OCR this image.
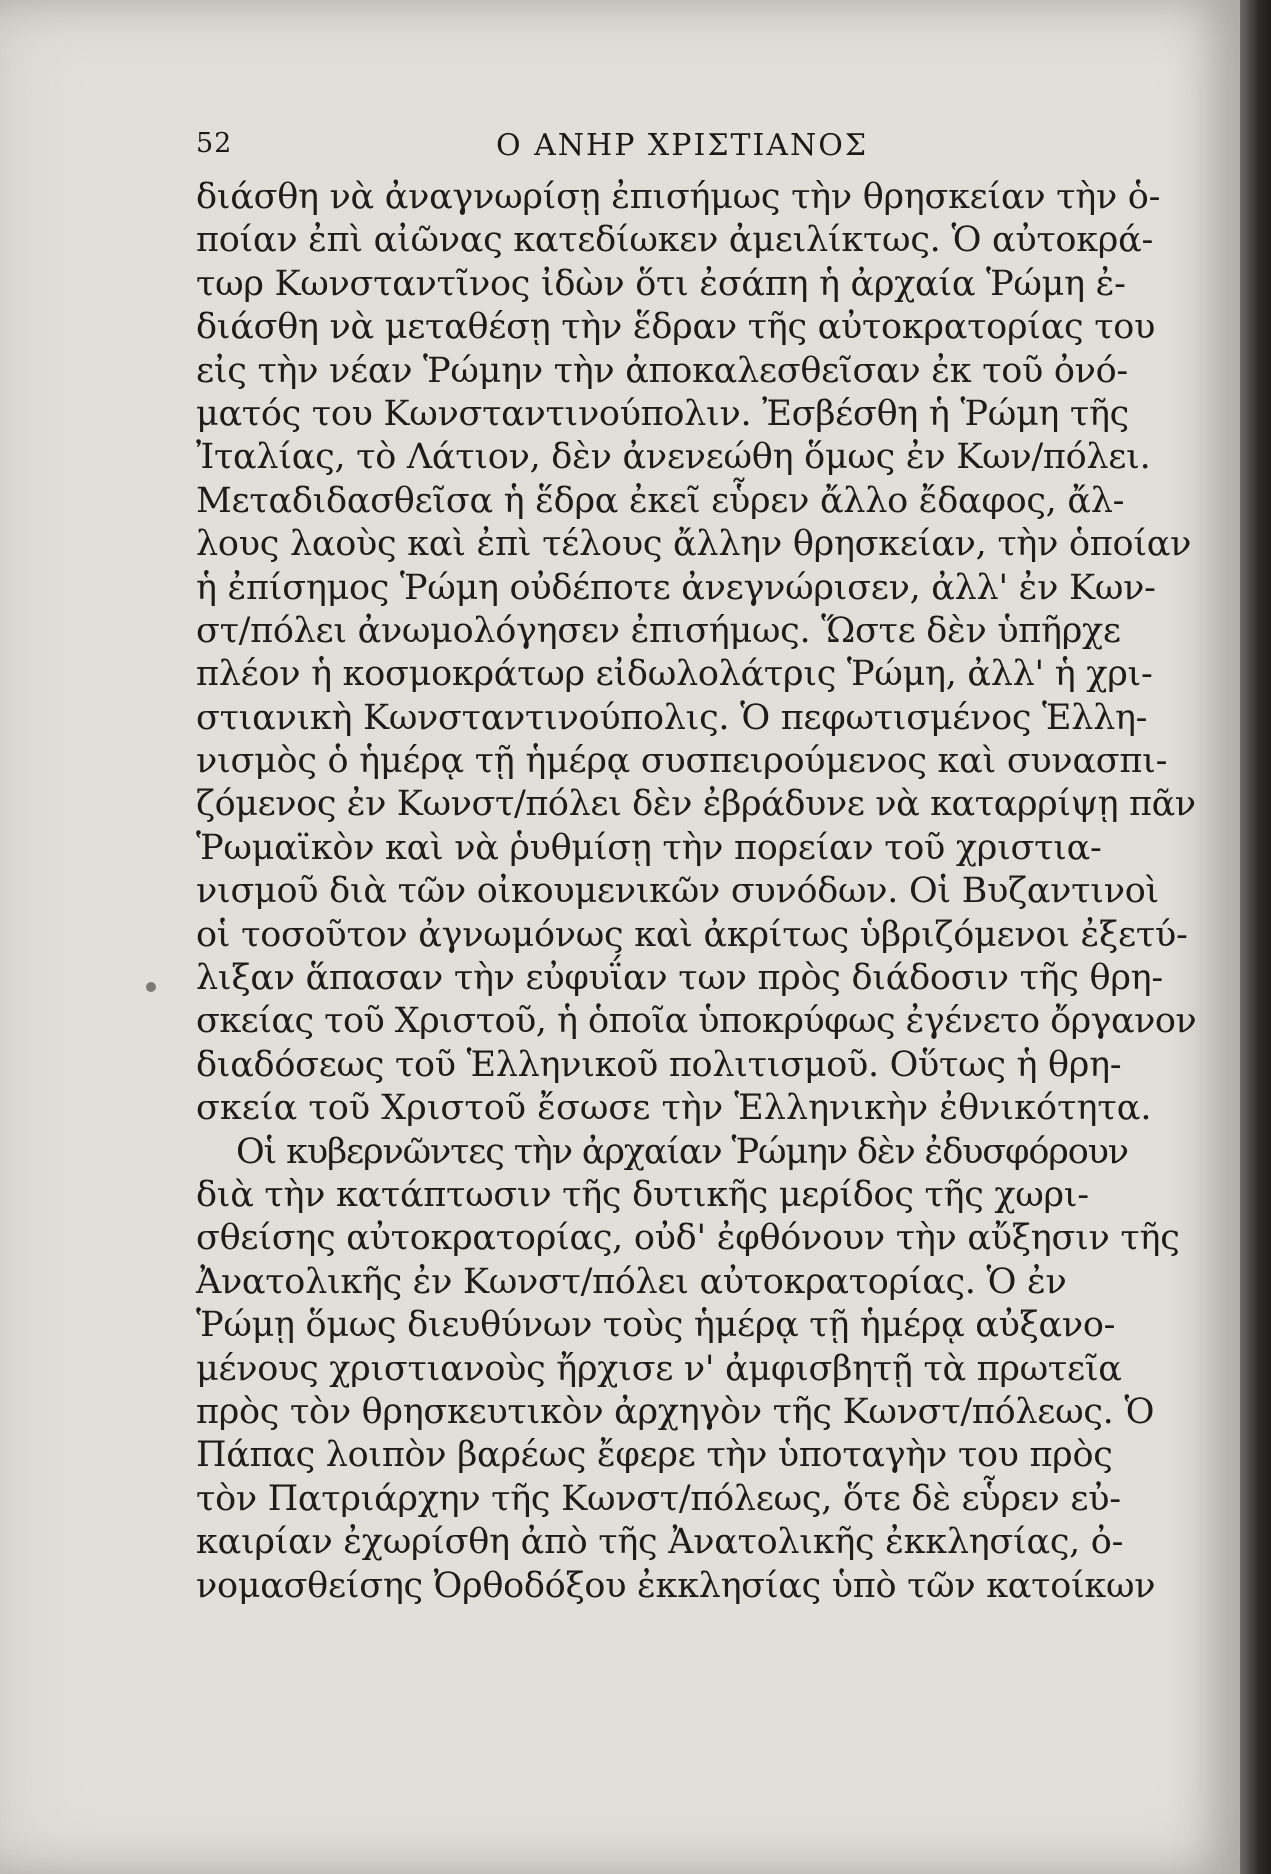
52	Ο ΑΝΗΡ ΧΡΙΣΤΙΑΝΟΣ
διάσθη νὰ ἀναγνωρίσῃ ἐπισήμως τὴν θρησκείαν τὴν ὁ-
ποίαν ἐπὶ αἰῶνας κατεδίωκεν ἀμειλίκτως. Ὁ αὐτοκρά-
τωρ Κωνσταντῖνος ἰδὼν ὅτι ἐσάπη ἡ ἀρχαία Ῥώμη ἐ-
διάσθη νὰ μεταθέσῃ τὴν ἕδραν τῆς αὐτοκρατορίας του
εἰς τὴν νέαν Ῥώμην τὴν ἀποκαλεσθεῖσαν ἐκ τοῦ ὀνό-
ματός του Κωνσταντινούπολιν. Ἐσβέσθη ἡ Ῥώμη τῆς
Ἰταλίας, τὸ Λάτιον, δὲν ἀνενεώθη ὅμως ἐν Κων/πόλει.
Μεταδιδασθεῖσα ἡ ἕδρα ἐκεῖ εὗρεν ἄλλο ἔδαφος, ἄλ-
λους λαοὺς καὶ ἐπὶ τέλους ἄλλην θρησκείαν, τὴν ὁποίαν
ἡ ἐπίσημος Ῥώμη οὐδέποτε ἀνεγνώρισεν, ἀλλ' ἐν Κων-
στ/πόλει ἀνωμολόγησεν ἐπισήμως. Ὥστε δὲν ὑπῆρχε
πλέον ἡ κοσμοκράτωρ εἰδωλολάτρις Ῥώμη, ἀλλ' ἡ χρι-
στιανικὴ Κωνσταντινούπολις. Ὁ πεφωτισμένος Ἑλλη-
νισμὸς ὁ ἡμέρᾳ τῇ ἡμέρᾳ συσπειρούμενος καὶ συνασπι-
ζόμενος ἐν Κωνστ/πόλει δὲν ἐβράδυνε νὰ καταρρίψῃ πᾶν
Ῥωμαϊκὸν καὶ νὰ ῥυθμίσῃ τὴν πορείαν τοῦ χριστια-
νισμοῦ διὰ τῶν οἰκουμενικῶν συνόδων. Οἱ Βυζαντινοὶ
οἱ τοσοῦτον ἀγνωμόνως καὶ ἀκρίτως ὑβριζόμενοι ἐξετύ-
λιξαν ἅπασαν τὴν εὐφυΐαν των πρὸς διάδοσιν τῆς θρη-
σκείας τοῦ Χριστοῦ, ἡ ὁποῖα ὑποκρύφως ἐγένετο ὄργανον
διαδόσεως τοῦ Ἑλληνικοῦ πολιτισμοῦ. Οὕτως ἡ θρη-
σκεία τοῦ Χριστοῦ ἔσωσε τὴν Ἑλληνικὴν ἐθνικότητα.
Οἱ κυβερνῶντες τὴν ἀρχαίαν Ῥώμην δὲν ἐδυσφόρουν
διὰ τὴν κατάπτωσιν τῆς δυτικῆς μερίδος τῆς χωρι-
σθείσης αὐτοκρατορίας, οὐδ' ἐφθόνουν τὴν αὔξησιν τῆς
Ἀνατολικῆς ἐν Κωνστ/πόλει αὐτοκρατορίας. Ὁ ἐν
Ῥώμῃ ὅμως διευθύνων τοὺς ἡμέρᾳ τῇ ἡμέρᾳ αὐξανο-
μένους χριστιανοὺς ἤρχισε ν' ἀμφισβητῇ τὰ πρωτεῖα
πρὸς τὸν θρησκευτικὸν ἀρχηγὸν τῆς Κωνστ/πόλεως. Ὁ
Πάπας λοιπὸν βαρέως ἔφερε τὴν ὑποταγὴν του πρὸς
τὸν Πατριάρχην τῆς Κωνστ/πόλεως, ὅτε δὲ εὗρεν εὐ-
καιρίαν ἐχωρίσθη ἀπὸ τῆς Ἀνατολικῆς ἐκκλησίας, ὀ-
νομασθείσης Ὀρθοδόξου ἐκκλησίας ὑπὸ τῶν κατοίκων
